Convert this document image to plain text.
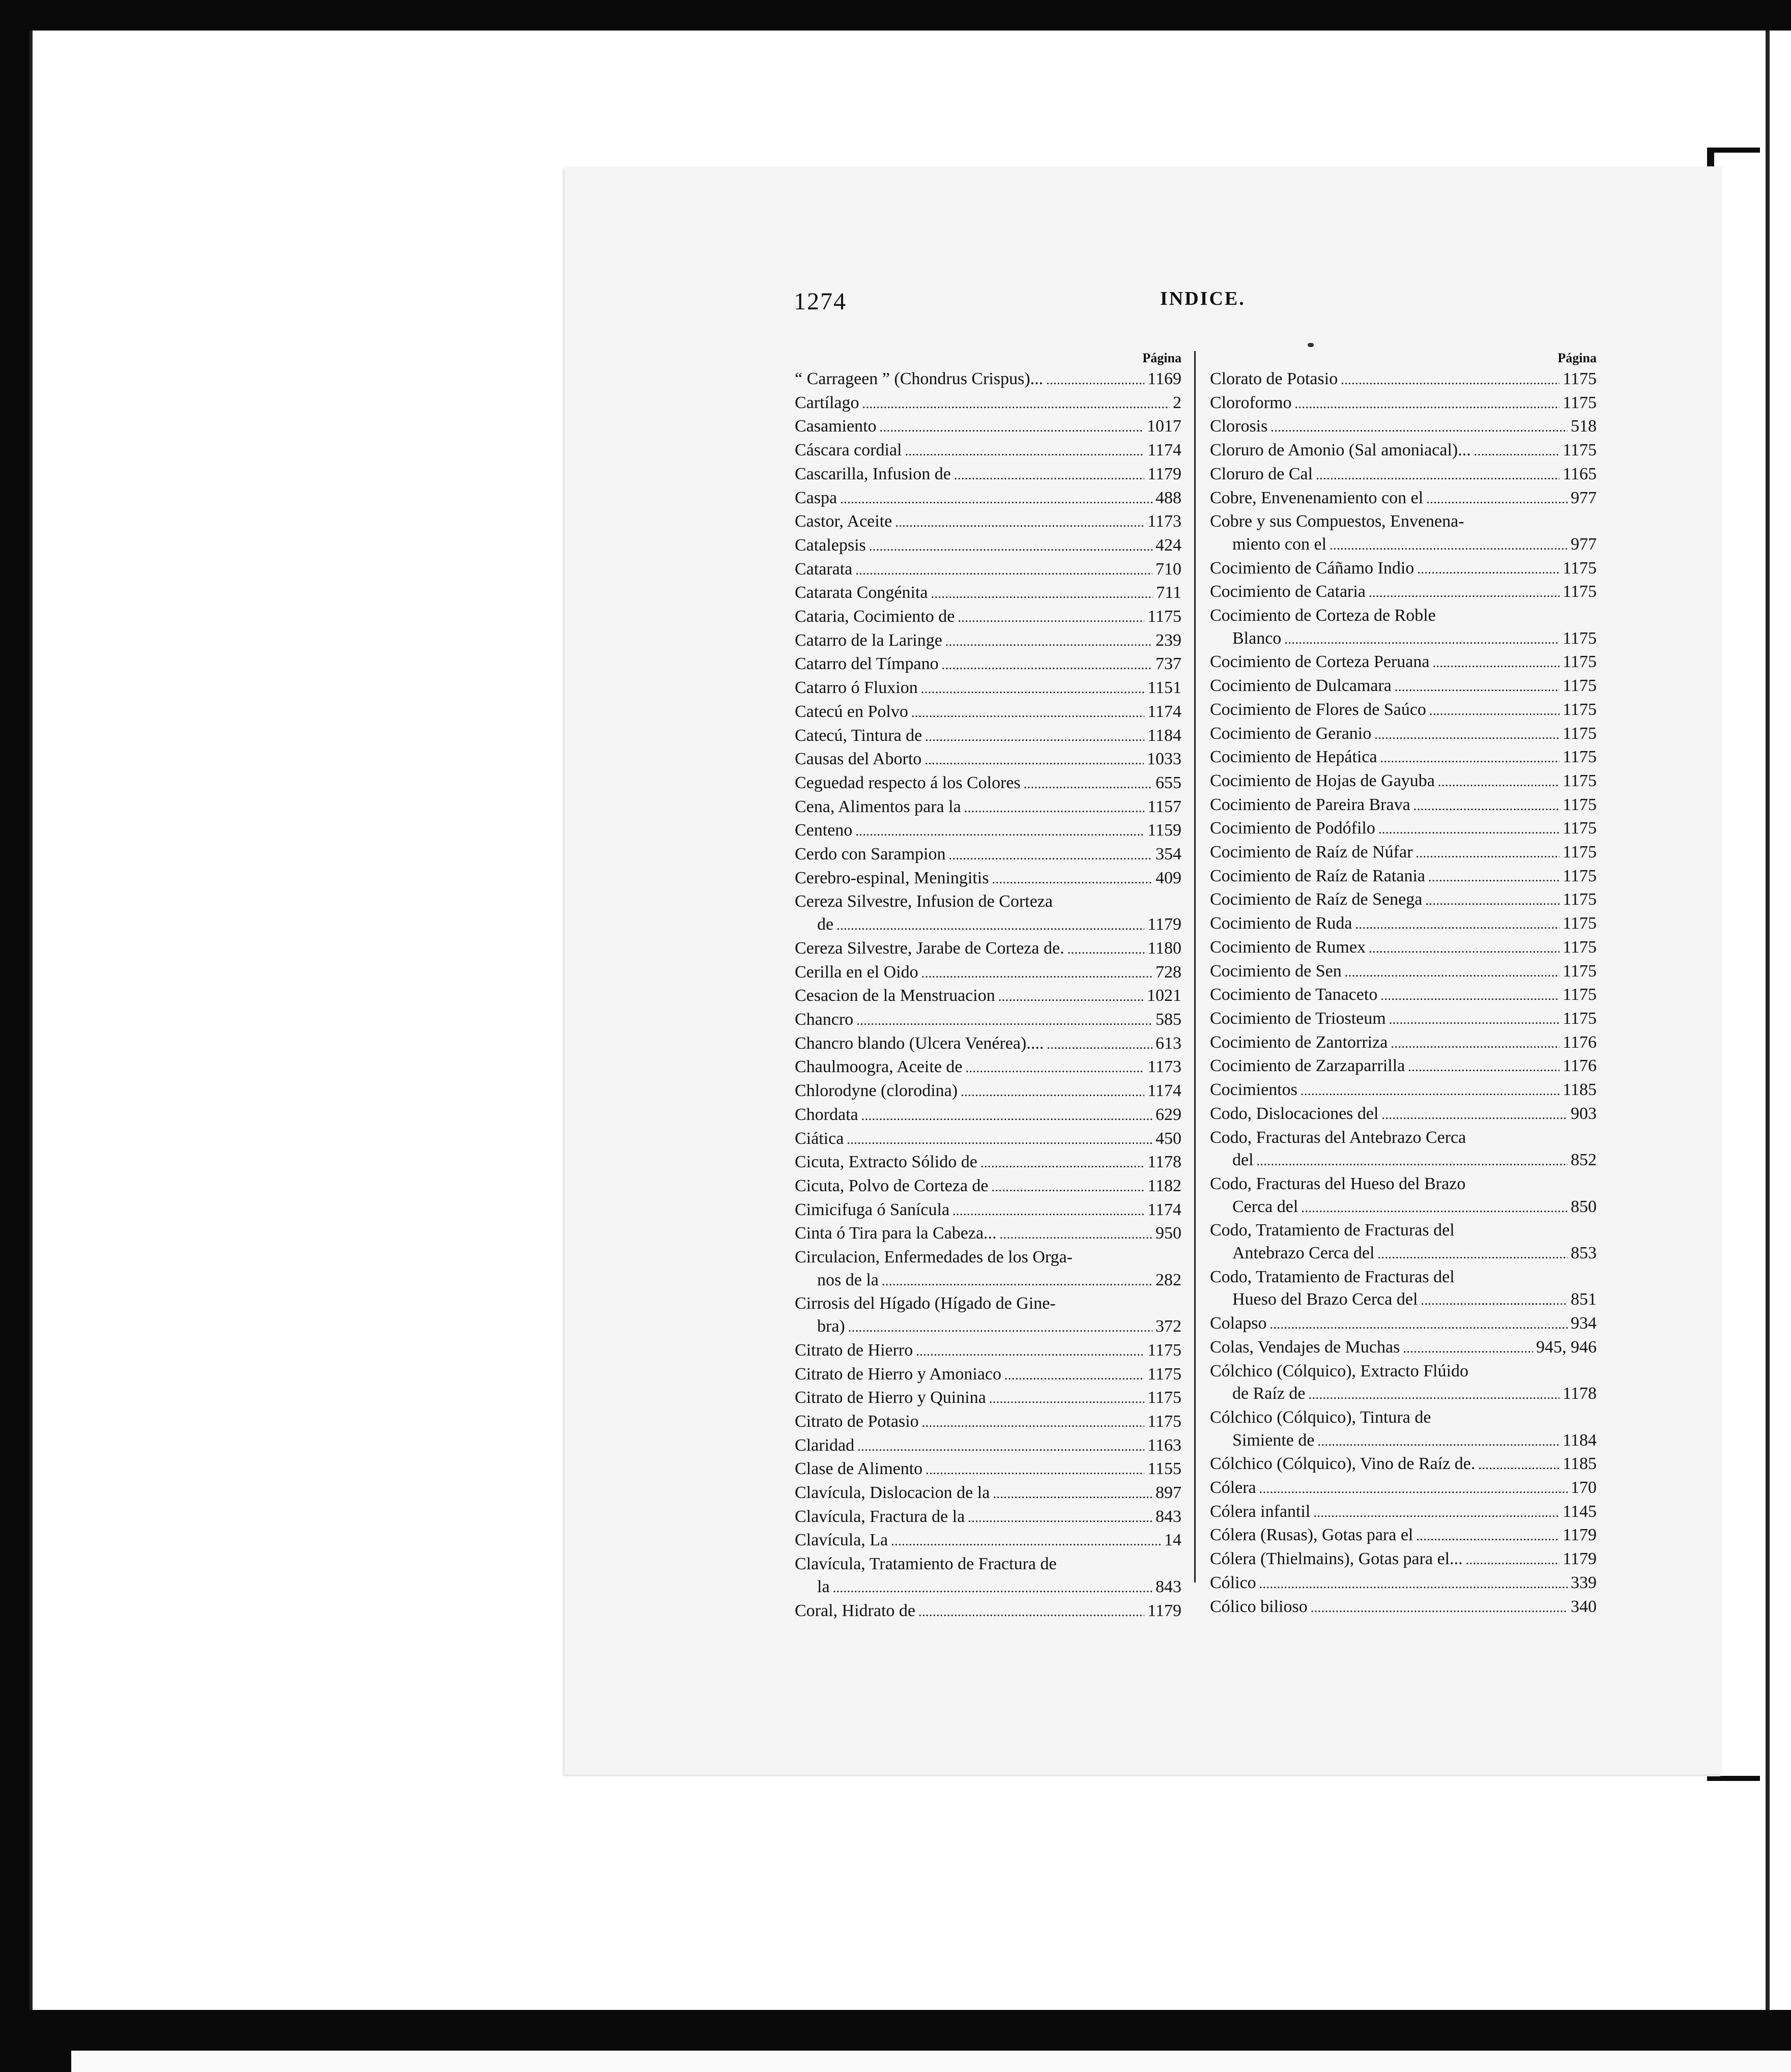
1274	INDICE.
Página
“ Carrageen ” (Chondrus Crispus)... . . .	1169
Cartílago . . .	2
Casamiento . . .	1017
Cáscara cordial . . .	1174
Cascarilla, Infusion de . . .	1179
Caspa . . .	488
Castor, Aceite . . .	1173
Catalepsis . . .	424
Catarata . . .	710
Catarata Congénita . . .	711
Cataria, Cocimiento de . . .	1175
Catarro de la Laringe . . .	239
Catarro del Tímpano . . .	737
Catarro ó Fluxion . . .	1151
Catecú en Polvo . . .	1174
Catecú, Tintura de . . .	1184
Causas del Aborto . . .	1033
Ceguedad respecto á los Colores . . .	655
Cena, Alimentos para la . . .	1157
Centeno . . .	1159
Cerdo con Sarampion . . .	354
Cerebro-espinal, Meningitis . . .	409
Cereza Silvestre, Infusion de Corteza
de . . .	1179
Cereza Silvestre, Jarabe de Corteza de. . . .	1180
Cerilla en el Oido . . .	728
Cesacion de la Menstruacion . . .	1021
Chancro . . .	585
Chancro blando (Ulcera Venérea).... . . .	613
Chaulmoogra, Aceite de . . .	1173
Chlorodyne (clorodina) . . .	1174
Chordata . . .	629
Ciática . . .	450
Cicuta, Extracto Sólido de . . .	1178
Cicuta, Polvo de Corteza de . . .	1182
Cimicifuga ó Sanícula . . .	1174
Cinta ó Tira para la Cabeza... . . .	950
Circulacion, Enfermedades de los Orga-
nos de la . . .	282
Cirrosis del Hígado (Hígado de Gine-
bra) . . .	372
Citrato de Hierro . . .	1175
Citrato de Hierro y Amoniaco . . .	1175
Citrato de Hierro y Quinina . . .	1175
Citrato de Potasio . . .	1175
Claridad . . .	1163
Clase de Alimento . . .	1155
Clavícula, Dislocacion de la . . .	897
Clavícula, Fractura de la . . .	843
Clavícula, La . . .	14
Clavícula, Tratamiento de Fractura de
la . . .	843
Coral, Hidrato de . . .	1179
Página
Clorato de Potasio . . .	1175
Cloroformo . . .	1175
Clorosis . . .	518
Cloruro de Amonio (Sal amoniacal)... . . .	1175
Cloruro de Cal . . .	1165
Cobre, Envenenamiento con el . . .	977
Cobre y sus Compuestos, Envenena-
miento con el . . .	977
Cocimiento de Cáñamo Indio . . .	1175
Cocimiento de Cataria . . .	1175
Cocimiento de Corteza de Roble
Blanco . . .	1175
Cocimiento de Corteza Peruana . . .	1175
Cocimiento de Dulcamara . . .	1175
Cocimiento de Flores de Saúco . . .	1175
Cocimiento de Geranio . . .	1175
Cocimiento de Hepática . . .	1175
Cocimiento de Hojas de Gayuba . . .	1175
Cocimiento de Pareira Brava . . .	1175
Cocimiento de Podófilo . . .	1175
Cocimiento de Raíz de Núfar . . .	1175
Cocimiento de Raíz de Ratania . . .	1175
Cocimiento de Raíz de Senega . . .	1175
Cocimiento de Ruda . . .	1175
Cocimiento de Rumex . . .	1175
Cocimiento de Sen . . .	1175
Cocimiento de Tanaceto . . .	1175
Cocimiento de Triosteum . . .	1175
Cocimiento de Zantorriza . . .	1176
Cocimiento de Zarzaparrilla . . .	1176
Cocimientos . . .	1185
Codo, Dislocaciones del . . .	903
Codo, Fracturas del Antebrazo Cerca
del . . .	852
Codo, Fracturas del Hueso del Brazo
Cerca del . . .	850
Codo, Tratamiento de Fracturas del
Antebrazo Cerca del . . .	853
Codo, Tratamiento de Fracturas del
Hueso del Brazo Cerca del . . .	851
Colapso . . .	934
Colas, Vendajes de Muchas . . .	945, 946
Cólchico (Cólquico), Extracto Flúido
de Raíz de . . .	1178
Cólchico (Cólquico), Tintura de
Simiente de . . .	1184
Cólchico (Cólquico), Vino de Raíz de. . . .	1185
Cólera . . .	170
Cólera infantil . . .	1145
Cólera (Rusas), Gotas para el . . .	1179
Cólera (Thielmains), Gotas para el... . . .	1179
Cólico . . .	339
Cólico bilioso . . .	340
